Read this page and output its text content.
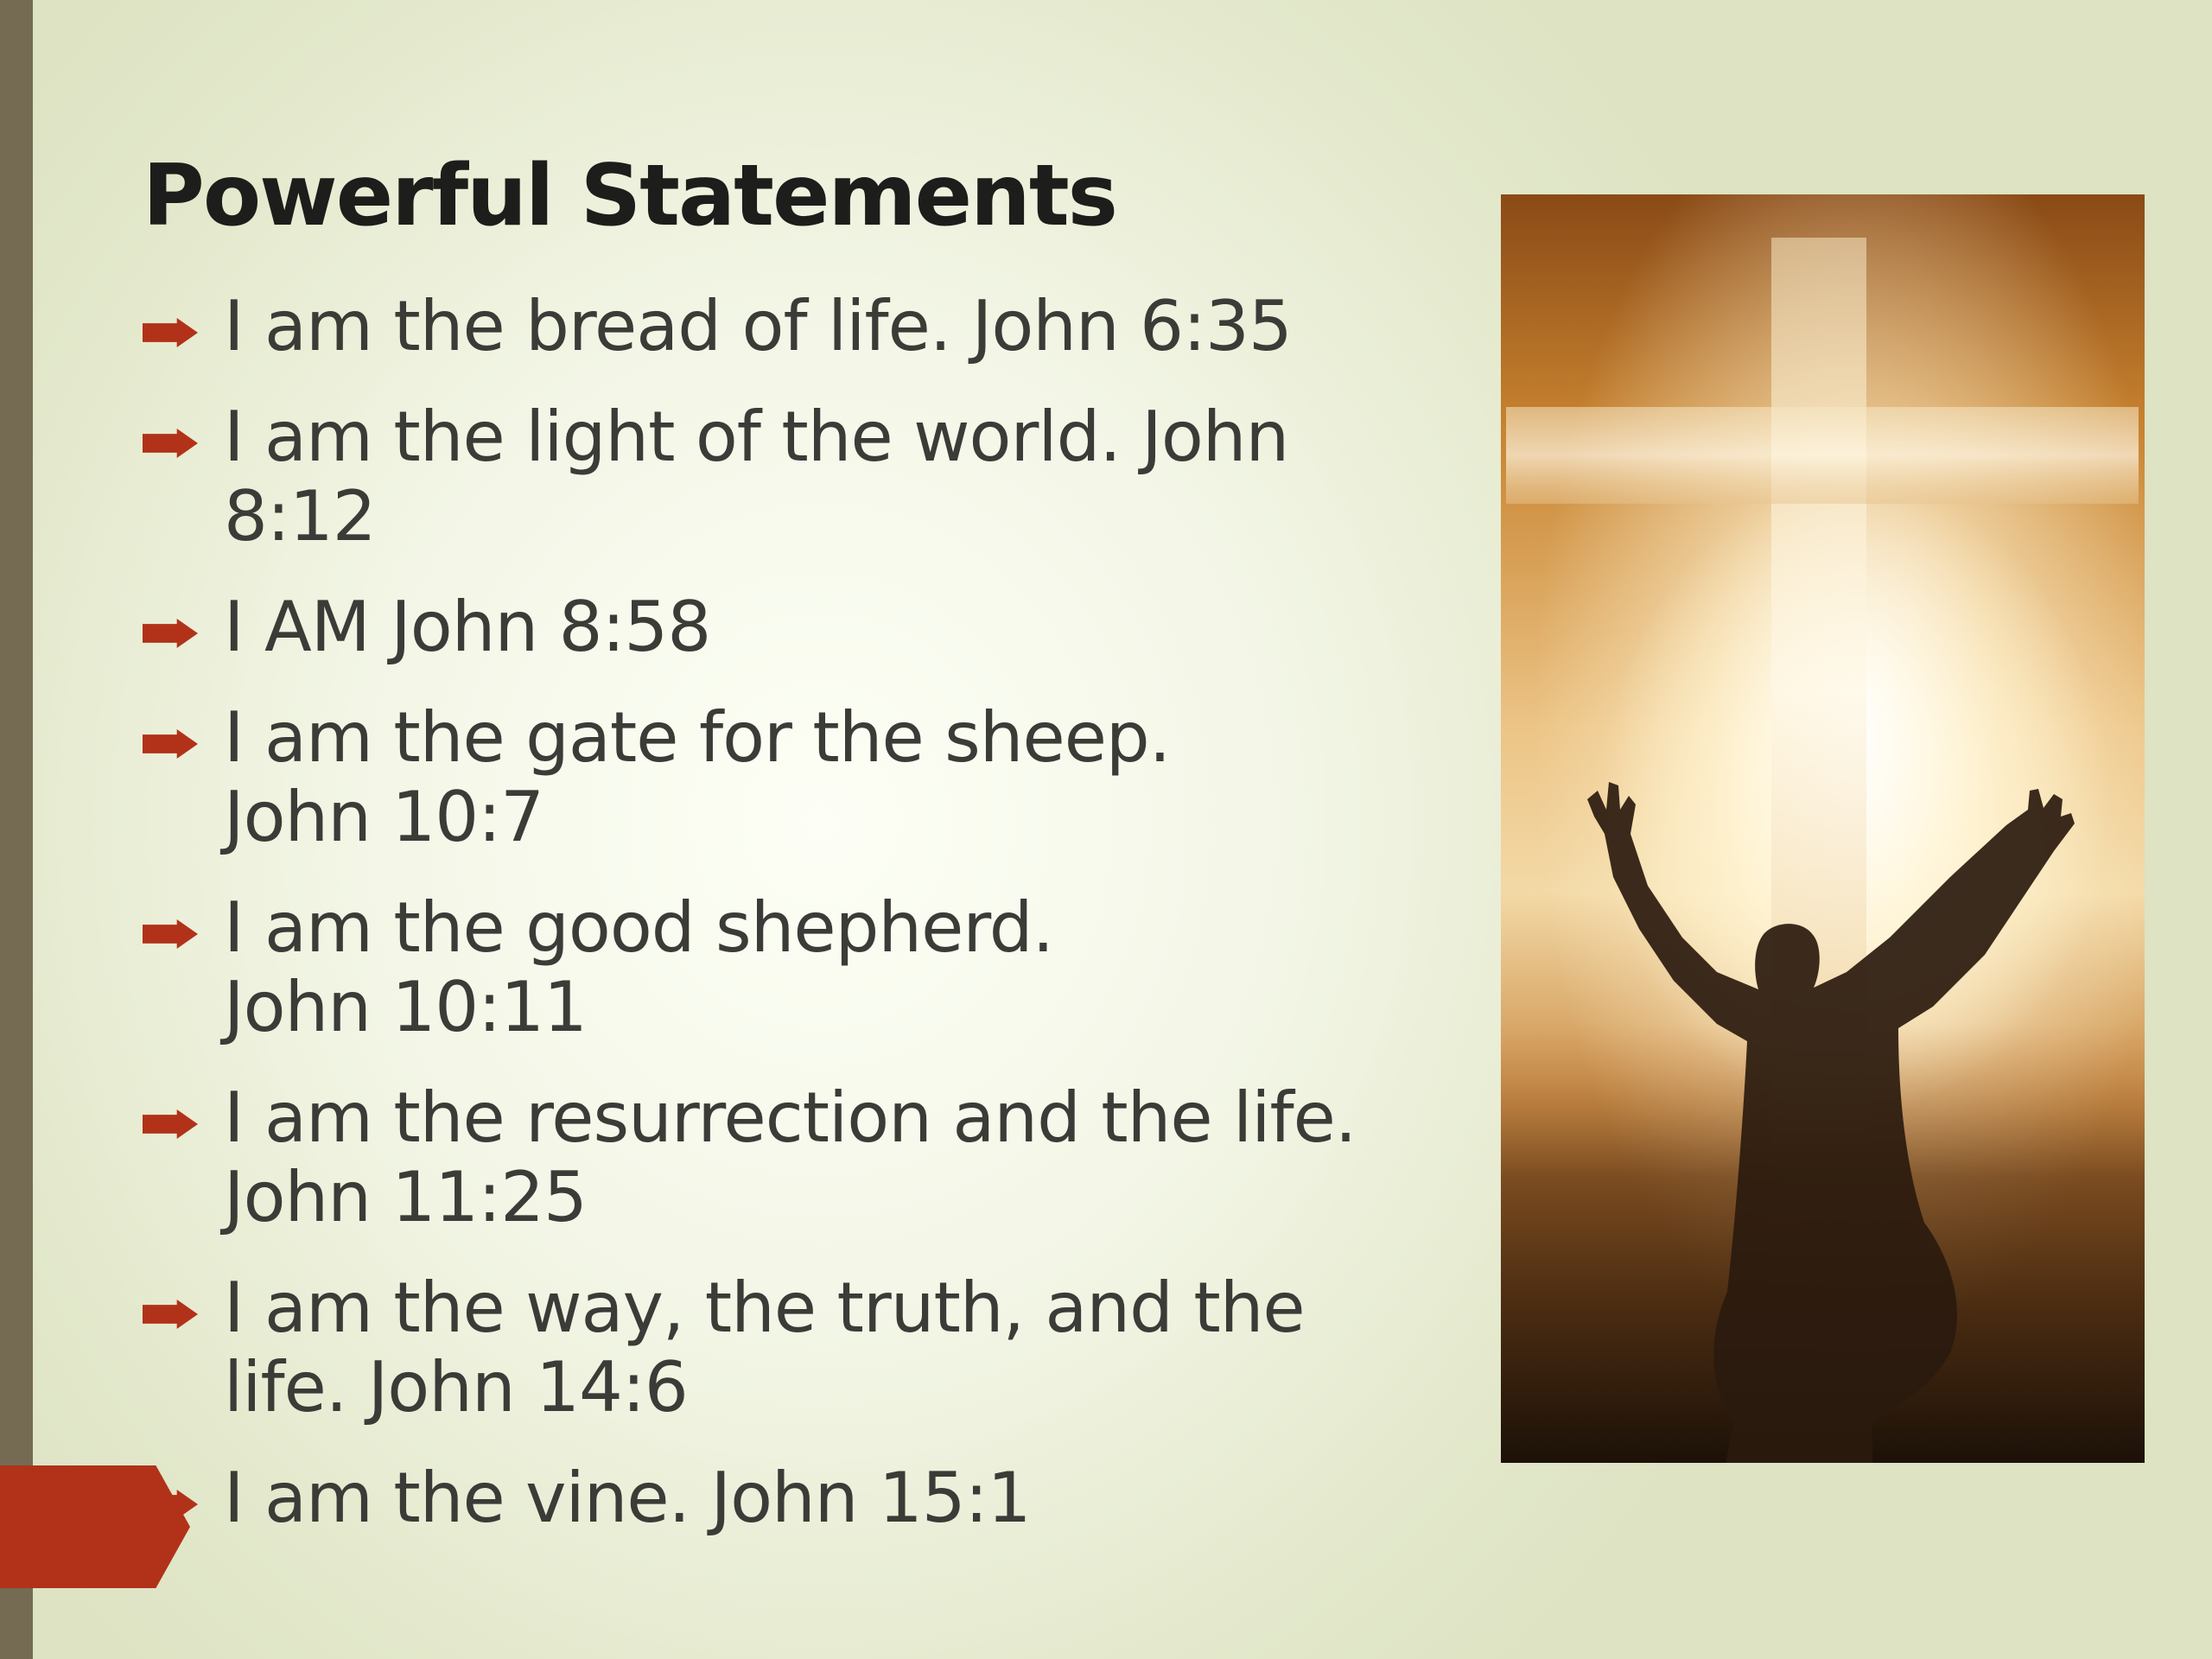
Powerful Statements
I am the bread of life. John 6:35
I am the light of the world. John
8:12
I AM John 8:58
I am the gate for the sheep.
John 10:7
I am the good shepherd.
John 10:11
I am the resurrection and the life.
John 11:25
I am the way, the truth, and the
life. John 14:6
I am the vine. John 15:1
